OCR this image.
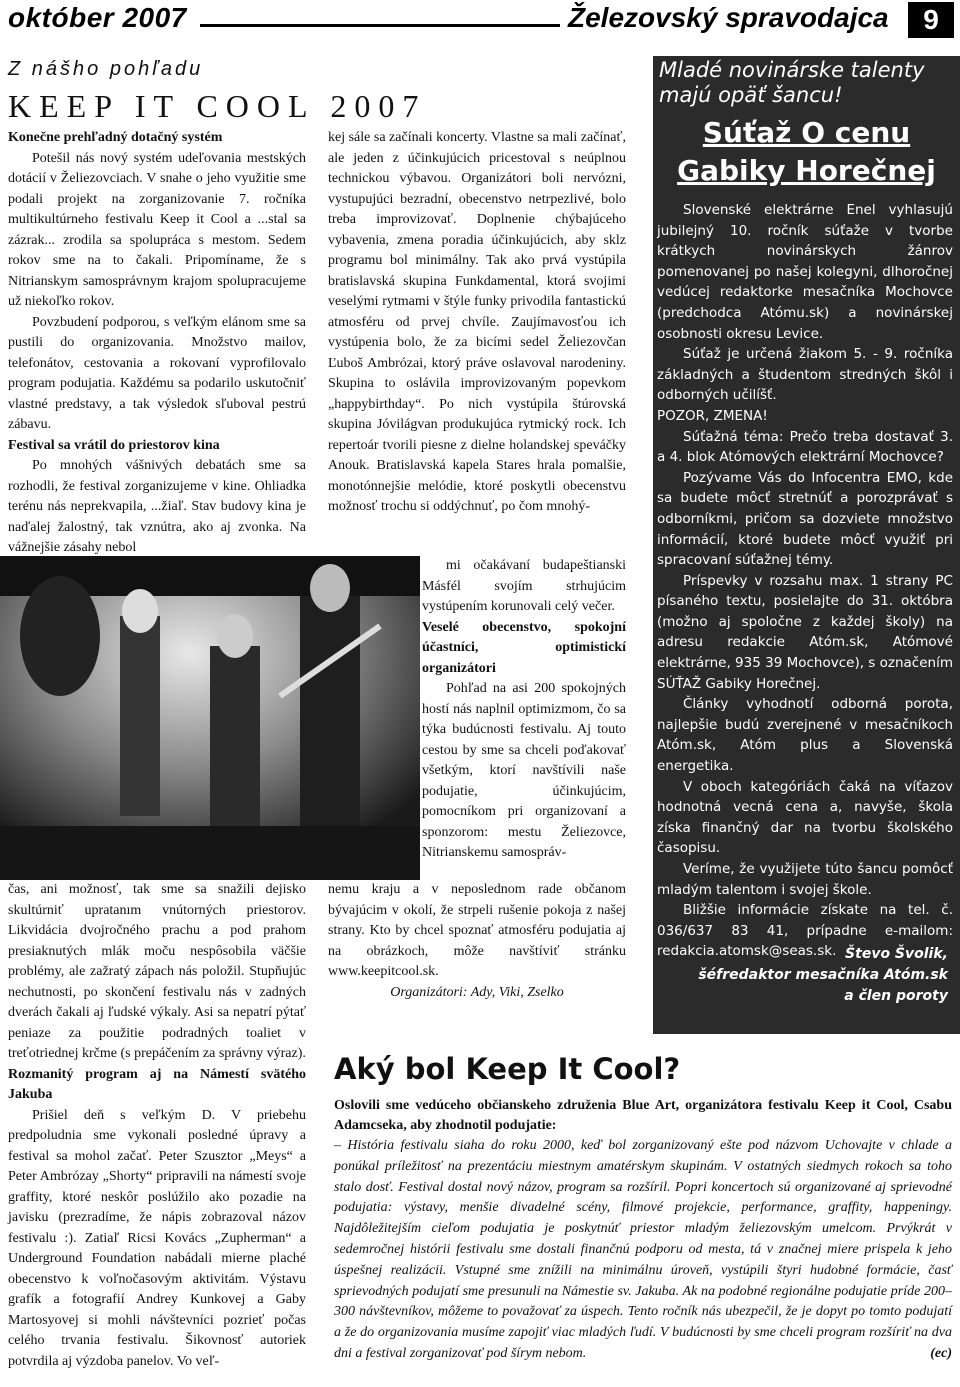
október 2007	Železovský spravodajca	9
Z nášho pohľadu
KEEP IT COOL 2007
Konečne prehľadný dotačný systém

Potešil nás nový systém udeľovania mestských dotácií v Želiezovciach. V snahe o jeho využitie sme podali projekt na zorganizovanie 7. ročníka multikultúrneho festivalu Keep it Cool a ...stal sa zázrak... zrodila sa spolupráca s mestom. Sedem rokov sme na to čakali. Pripomíname, že s Nitrianskym samosprávnym krajom spolupracujeme už niekoľko rokov.

Povzbudení podporou, s veľkým elánom sme sa pustili do organizovania. Množstvo mailov, telefonátov, cestovania a rokovaní vyprofilovalo program podujatia. Každému sa podarilo uskutočniť vlastné predstavy, a tak výsledok sľuboval pestrú zábavu.

Festival sa vrátil do priestorov kina

Po mnohých vášnivých debatách sme sa rozhodli, že festival zorganizujeme v kine. Ohliadka terénu nás neprekvapila, ...žiaľ. Stav budovy kina je naďalej žalostný, tak vznútra, ako aj zvonka. Na vážnejšie zásahy nebol

kej sále sa začínali koncerty. Vlastne sa mali začínať, ale jeden z účinkujúcich pricestoval s neúplnou technickou výbavou. Organizátori boli nervózni, vystupujúci bezradní, obecenstvo netrpezlivé, bolo treba improvizovať. Doplnenie chýbajúceho vybavenia, zmena poradia účinkujúcich, aby sklz programu bol minimálny. Tak ako prvá vystúpila bratislavská skupina Funkdamental, ktorá svojimi veselými rytmami v štýle funky privodila fantastickú atmosféru od prvej chvíle. Zaujímavosťou ich vystúpenia bolo, že za bicími sedel Želiezovčan Ľuboš Ambrózai, ktorý práve oslavoval narodeniny. Skupina to oslávila improvizovaným popevkom „happybirthday“. Po nich vystúpila štúrovská skupina Jóvilágvan produkujúca rytmický rock. Ich repertoár tvorili piesne z dielne holandskej speváčky Anouk. Bratislavská kapela Stares hrala pomalšie, monotónnejšie melódie, ktoré poskytli obecenstvu možnosť trochu si oddýchnuť, po čom mnohý-

mi očakávaní budapeštianski Másfél svojím strhujúcim vystúpením korunovali celý večer.

Veselé obecenstvo, spokojní účastníci, optimistickí organizátori

Pohľad na asi 200 spokojných hostí nás naplnil optimizmom, čo sa týka budúcnosti festivalu. Aj touto cestou by sme sa chceli poďakovať všetkým, ktorí navštívili naše podujatie, účinkujúcim, pomocníkom pri organizovaní a sponzorom: mestu Želiezovce, Nitrianskemu samospráv-

čas, ani možnosť, tak sme sa snažili dejisko skultúrniť upratanım vnútorných priestorov. Likvidácia dvojročného prachu a pod prahom presiaknutých mlák moču nespôsobila väčšie problémy, ale zažratý zápach nás položil. Stupňujúc nechutnosti, po skončení festivalu nás v zadných dverách čakali aj ľudské výkaly. Asi sa nepatrí pýtať peniaze za použitie podradných toaliet v treťotriednej krčme (s prepáčením za správny výraz).

Rozmanitý program aj na Námestí svätého Jakuba

Prišiel deň s veľkým D. V priebehu predpoludnia sme vykonali posledné úpravy a festival sa mohol začať. Peter Szusztor „Meys“ a Peter Ambrózay „Shorty“ pripravili na námestí svoje graffity, ktoré neskôr poslúžilo ako pozadie na javisku (prezradíme, že nápis zobrazoval názov festivalu :). Zatiaľ Ricsi Kovács „Zupherman“ a Underground Foundation nabádali mierne plaché obecenstvo k voľnočasovým aktivitám. Výstavu grafík a fotografií Andrey Kunkovej a Gaby Martosyovej si mohli návštevníci pozrieť počas celého trvania festivalu. Šikovnosť autoriek potvrdila aj výzdoba panelov. Vo veľ-

nemu kraju a v neposlednom rade občanom bývajúcim v okolí, že strpeli rušenie pokoja z našej strany. Kto by chcel spoznať atmosféru podujatia aj na obrázkoch, môže navštíviť stránku www.keepitcool.sk.

Organizátori: Ady, Viki, Zselko

Mladé novinárske talenty majú opäť šancu!
Súťaž O cenu
Gabiky Horečnej

Slovenské elektrárne Enel vyhlasujú jubilejný 10. ročník súťaže v tvorbe krátkych novinárskych žánrov pomenovanej po našej kolegyni, dlhoročnej vedúcej redaktorke mesačníka Mochovce (predchodca Atómu.sk) a novinárskej osobnosti okresu Levice.

Súťaž je určená žiakom 5. - 9. ročníka základných a študentom stredných škôl i odborných učilíšť.

POZOR, ZMENA!

Súťažná téma: Prečo treba dostavať 3. a 4. blok Atómových elektrární Mochovce?

Pozývame Vás do Infocentra EMO, kde sa budete môcť stretnúť a porozprávať s odborníkmi, pričom sa dozviete množstvo informácií, ktoré budete môcť využiť pri spracovaní súťažnej témy.

Príspevky v rozsahu max. 1 strany PC písaného textu, posielajte do 31. októbra (možno aj spoločne z každej školy) na adresu redakcie Atóm.sk, Atómové elektrárne, 935 39 Mochovce), s označením SÚŤAŽ Gabiky Horečnej.

Články vyhodnotí odborná porota, najlepšie budú zverejnené v mesačníkoch Atóm.sk, Atóm plus a Slovenská energetika.

V oboch kategóriách čaká na víťazov hodnotná vecná cena a, navyše, škola získa finančný dar na tvorbu školského časopisu.

Veríme, že využijete túto šancu pomôcť mladým talentom i svojej škole.

Bližšie informácie získate na tel. č. 036/637 83 41, prípadne e-mailom: redakcia.atomsk@seas.sk. Števo Švolik,
šéfredaktor mesačníka Atóm.sk
a člen poroty
Aký bol Keep It Cool?
Oslovili sme vedúceho občianskeho združenia Blue Art, organizátora festivalu Keep it Cool, Csabu Adamcseka, aby zhodnotil podujatie:
– História festivalu siaha do roku 2000, keď bol zorganizovaný ešte pod názvom Uchovajte v chlade a ponúkal príležitosť na prezentáciu miestnym amatérskym skupinám. V ostatných siedmych rokoch sa toho stalo dosť. Festival dostal nový názov, program sa rozšíril. Popri koncertoch sú organizované aj sprievodné podujatia: výstavy, menšie divadelné scény, filmové projekcie, performance, graffity, happeningy. Najdôležitejším cieľom podujatia je poskytnúť priestor mladým želiezovským umelcom. Prvýkrát v sedemročnej histórii festivalu sme dostali finančnú podporu od mesta, tá v značnej miere prispela k jeho úspešnej realizácii. Vstupné sme znížili na minimálnu úroveň, vystúpili štyri hudobné formácie, časť sprievodných podujatí sme presunuli na Námestie sv. Jakuba. Ak na podobné regionálne podujatie príde 200–300 návštevníkov, môžeme to považovať za úspech. Tento ročník nás ubezpečil, že je dopyt po tomto podujatí a že do organizovania musíme zapojiť viac mladých ľudí. V budúcnosti by sme chceli program rozšíriť na dva dni a festival zorganizovať pod šírym nebom.	(ec)
